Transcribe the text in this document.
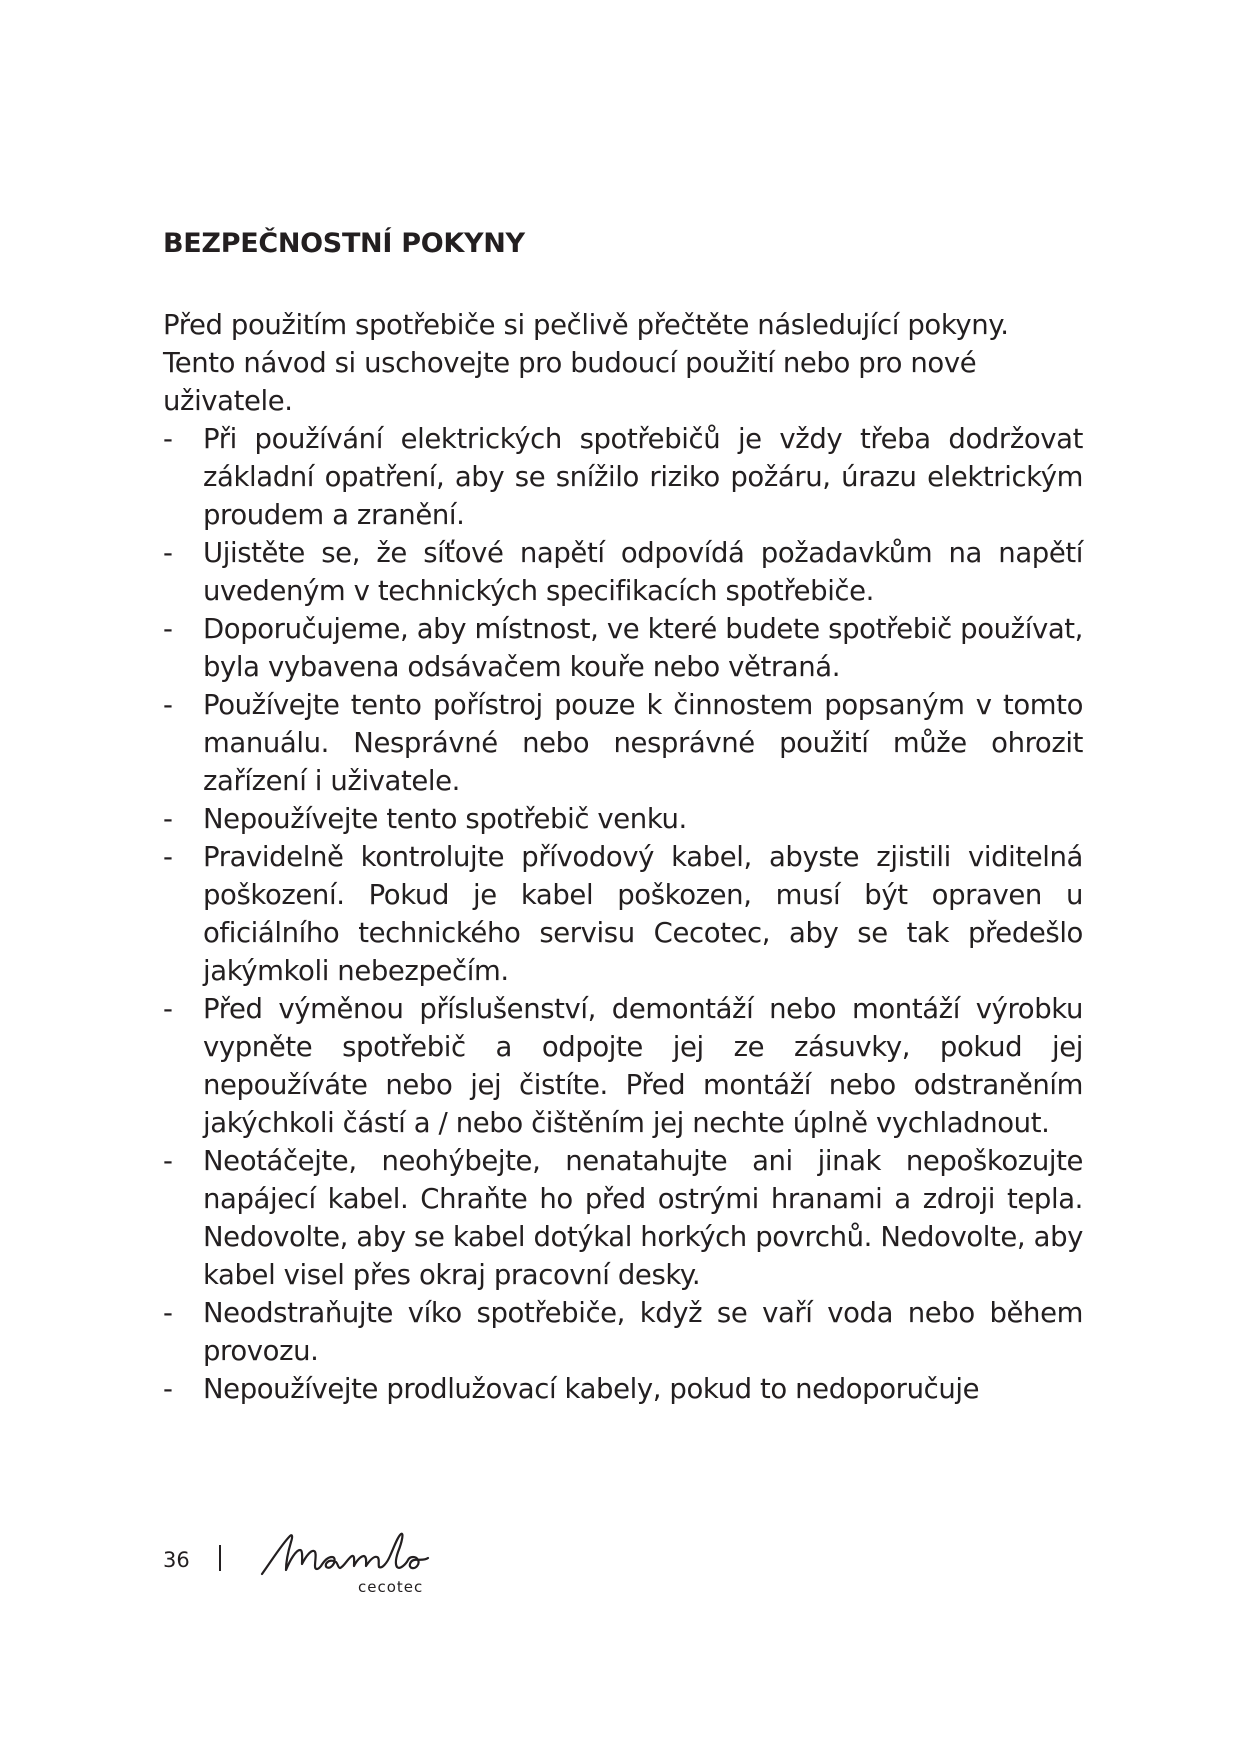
BEZPEČNOSTNÍ POKYNY

Před použitím spotřebiče si pečlivě přečtěte následující pokyny. Tento návod si uschovejte pro budoucí použití nebo pro nové uživatele.

-	Při používání elektrických spotřebičů je vždy třeba dodržovat základní opatření, aby se snížilo riziko požáru, úrazu elektrickým proudem a zranění.
-	Ujistěte se, že síťové napětí odpovídá požadavkům na napětí uvedeným v technických specifikacích spotřebiče.
-	Doporučujeme, aby místnost, ve které budete spotřebič používat, byla vybavena odsávačem kouře nebo větraná.
-	Používejte tento pořístroj pouze k činnostem popsaným v tomto manuálu. Nesprávné nebo nesprávné použití může ohrozit zařízení i uživatele.
-	Nepoužívejte tento spotřebič venku.
-	Pravidelně kontrolujte přívodový kabel, abyste zjistili viditelná poškození. Pokud je kabel poškozen, musí být opraven u oficiálního technického servisu Cecotec, aby se tak předešlo jakýmkoli nebezpečím.
-	Před výměnou příslušenství, demontáží nebo montáží výrobku vypněte spotřebič a odpojte jej ze zásuvky, pokud jej nepoužíváte nebo jej čistíte. Před montáží nebo odstraněním jakýchkoli částí a / nebo čištěním jej nechte úplně vychladnout.
-	Neotáčejte, neohýbejte, nenatahujte ani jinak nepoškozujte napájecí kabel. Chraňte ho před ostrými hranami a zdroji tepla. Nedovolte, aby se kabel dotýkal horkých povrchů. Nedovolte, aby kabel visel přes okraj pracovní desky.
-	Neodstraňujte víko spotřebiče, když se vaří voda nebo během provozu.
-	Nepoužívejte prodlužovací kabely, pokud to nedoporučuje
36
cecotec
